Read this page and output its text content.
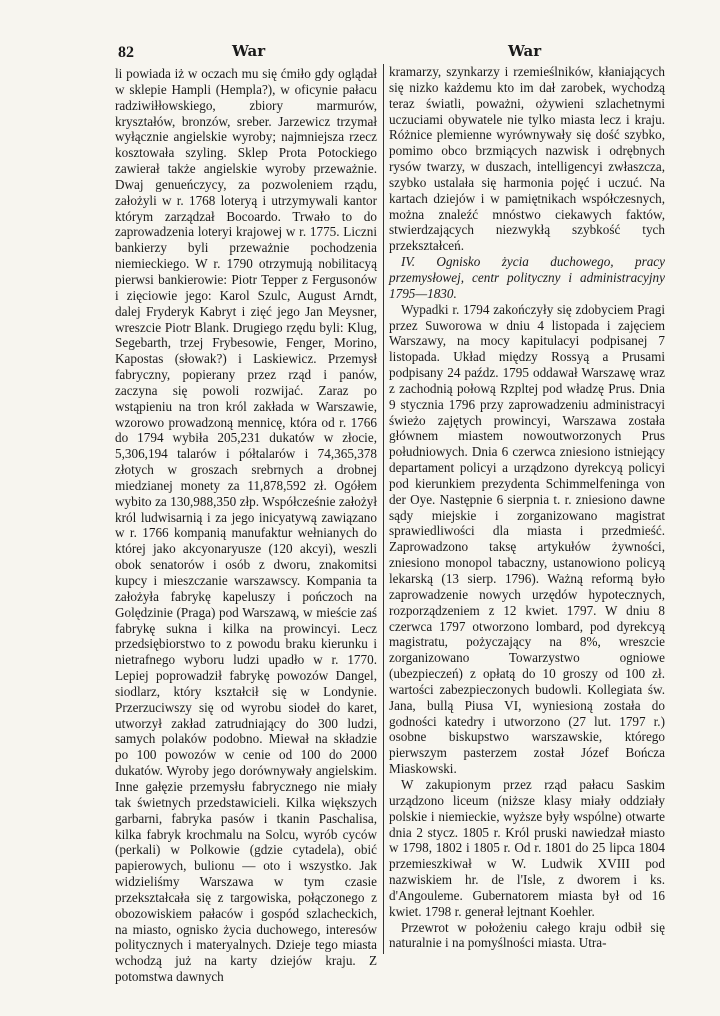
82	War	War

li powiada iż w oczach mu się ćmiło gdy oglądał w sklepie Hampli (Hempla?), w oficynie pałacu radziwiłłowskiego, zbiory marmurów, kryształów, bronzów, sreber. Jarzewicz trzymał wyłącznie angielskie wyroby; najmniejsza rzecz kosztowała szyling. Sklep Prota Potockiego zawierał także angielskie wyroby przeważnie. Dwaj genueńczycy, za pozwoleniem rządu, założyli w r. 1768 loteryą i utrzymywali kantor którym zarządzał Bocoardo. Trwało to do zaprowadzenia loteryi krajowej w r. 1775. Liczni bankierzy byli przeważnie pochodzenia niemieckiego. W r. 1790 otrzymują nobilitacyą pierwsi bankierowie: Piotr Tepper z Fergusonów i zięciowie jego: Karol Szulc, August Arndt, dalej Fryderyk Kabryt i zięć jego Jan Meysner, wreszcie Piotr Blank. Drugiego rzędu byli: Klug, Segebarth, trzej Frybesowie, Fenger, Morino, Kapostas (słowak?) i Laskiewicz. Przemysł fabryczny, popierany przez rząd i panów, zaczyna się powoli rozwijać. Zaraz po wstąpieniu na tron król zakłada w Warszawie, wzorowo prowadzoną mennicę, która od r. 1766 do 1794 wybiła 205,231 dukatów w złocie, 5,306,194 talarów i półtalarów i 74,365,378 złotych w groszach srebrnych a drobnej miedzianej monety za 11,878,592 zł. Ogółem wybito za 130,988,350 złp. Współcześnie założył król ludwisarnią i za jego inicyatywą zawiązano w r. 1766 kompanią manufaktur wełnianych do której jako akcyonaryusze (120 akcyi), weszli obok senatorów i osób z dworu, znakomitsi kupcy i mieszczanie warszawscy. Kompania ta założyła fabrykę kapeluszy i pończoch na Golędzinie (Praga) pod Warszawą, w mieście zaś fabrykę sukna i kilka na prowincyi. Lecz przedsiębiorstwo to z powodu braku kierunku i nietrafnego wyboru ludzi upadło w r. 1770. Lepiej poprowadził fabrykę powozów Dangel, siodlarz, który kształcił się w Londynie. Przerzuciwszy się od wyrobu siodeł do karet, utworzył zakład zatrudniający do 300 ludzi, samych polaków podobno. Miewał na składzie po 100 powozów w cenie od 100 do 2000 dukatów. Wyroby jego dorównywały angielskim. Inne gałęzie przemysłu fabrycznego nie miały tak świetnych przedstawicieli. Kilka większych garbarni, fabryka pasów i tkanin Paschalisa, kilka fabryk krochmalu na Solcu, wyrób cyców (perkali) w Polkowie (gdzie cytadela), obić papierowych, bulionu — oto i wszystko. Jak widzieliśmy Warszawa w tym czasie przekształcała się z targowiska, połączonego z obozowiskiem pałaców i gospód szlacheckich, na miasto, ognisko życia duchowego, interesów politycznych i materyalnych. Dzieje tego miasta wchodzą już na karty dziejów kraju. Z potomstwa dawnych

kramarzy, szynkarzy i rzemieślników, kłaniających się nizko każdemu kto im dał zarobek, wychodzą teraz światli, poważni, ożywieni szlachetnymi uczuciami obywatele nie tylko miasta lecz i kraju. Różnice plemienne wyrównywały się dość szybko, pomimo obco brzmiących nazwisk i odrębnych rysów twarzy, w duszach, intelligencyi zwłaszcza, szybko ustalała się harmonia pojęć i uczuć. Na kartach dziejów i w pamiętnikach współczesnych, można znaleźć mnóstwo ciekawych faktów, stwierdzających niezwykłą szybkość tych przekształceń.

IV. Ognisko życia duchowego, pracy przemysłowej, centr polityczny i administracyjny 1795—1830.

Wypadki r. 1794 zakończyły się zdobyciem Pragi przez Suworowa w dniu 4 listopada i zajęciem Warszawy, na mocy kapitulacyi podpisanej 7 listopada. Układ między Rossyą a Prusami podpisany 24 paźdz. 1795 oddawał Warszawę wraz z zachodnią połową Rzpltej pod władzę Prus. Dnia 9 stycznia 1796 przy zaprowadzeniu administracyi świeżo zajętych prowincyi, Warszawa została głównem miastem nowoutworzonych Prus południowych. Dnia 6 czerwca zniesiono istniejący departament policyi a urządzono dyrekcyą policyi pod kierunkiem prezydenta Schimmelfeninga von der Oye. Następnie 6 sierpnia t. r. zniesiono dawne sądy miejskie i zorganizowano magistrat sprawiedliwości dla miasta i przedmieść. Zaprowadzono taksę artykułów żywności, zniesiono monopol tabaczny, ustanowiono policyą lekarską (13 sierp. 1796). Ważną reformą było zaprowadzenie nowych urzędów hypotecznych, rozporządzeniem z 12 kwiet. 1797. W dniu 8 czerwca 1797 otworzono lombard, pod dyrekcyą magistratu, pożyczający na 8%, wreszcie zorganizowano Towarzystwo ogniowe (ubezpieczeń) z opłatą do 10 groszy od 100 zł. wartości zabezpieczonych budowli. Kollegiata św. Jana, bullą Piusa VI, wyniesioną została do godności katedry i utworzono (27 lut. 1797 r.) osobne biskupstwo warszawskie, którego pierwszym pasterzem został Józef Bończa Miaskowski.

W zakupionym przez rząd pałacu Saskim urządzono liceum (niższe klasy miały oddziały polskie i niemieckie, wyższe były wspólne) otwarte dnia 2 stycz. 1805 r. Król pruski nawiedzał miasto w 1798, 1802 i 1805 r. Od r. 1801 do 25 lipca 1804 przemieszkiwał w W. Ludwik XVIII pod nazwiskiem hr. de l'Isle, z dworem i ks. d'Angouleme. Gubernatorem miasta był od 16 kwiet. 1798 r. generał lejtnant Koehler.

Przewrot w położeniu całego kraju odbił się naturalnie i na pomyślności miasta. Utra-
